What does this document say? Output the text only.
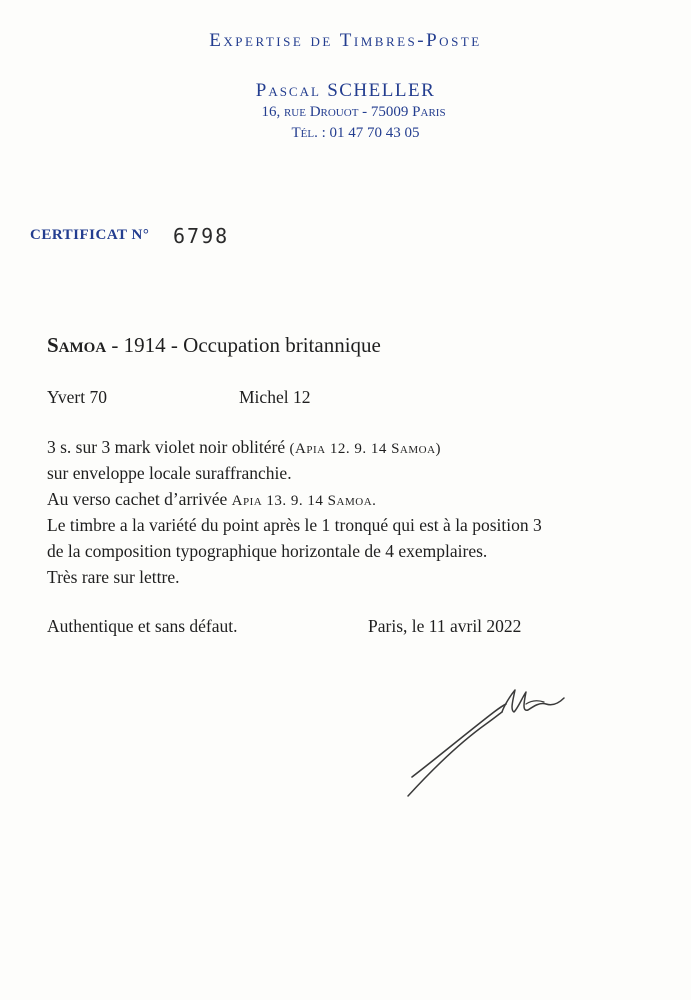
Expertise de Timbres-Poste
Pascal SCHELLER
16, rue Drouot - 75009 Paris
Tél. : 01 47 70 43 05
CERTIFICAT N° 6798
Samoa - 1914 - Occupation britannique
Yvert 70	Michel 12
3 s. sur 3 mark violet noir oblitéré (Apia 12. 9. 14 Samoa)
sur enveloppe locale suraffranchie.
Au verso cachet d’arrivée Apia 13. 9. 14 Samoa.
Le timbre a la variété du point après le 1 tronqué qui est à la position 3
de la composition typographique horizontale de 4 exemplaires.
Très rare sur lettre.
Authentique et sans défaut.	Paris, le 11 avril 2022
